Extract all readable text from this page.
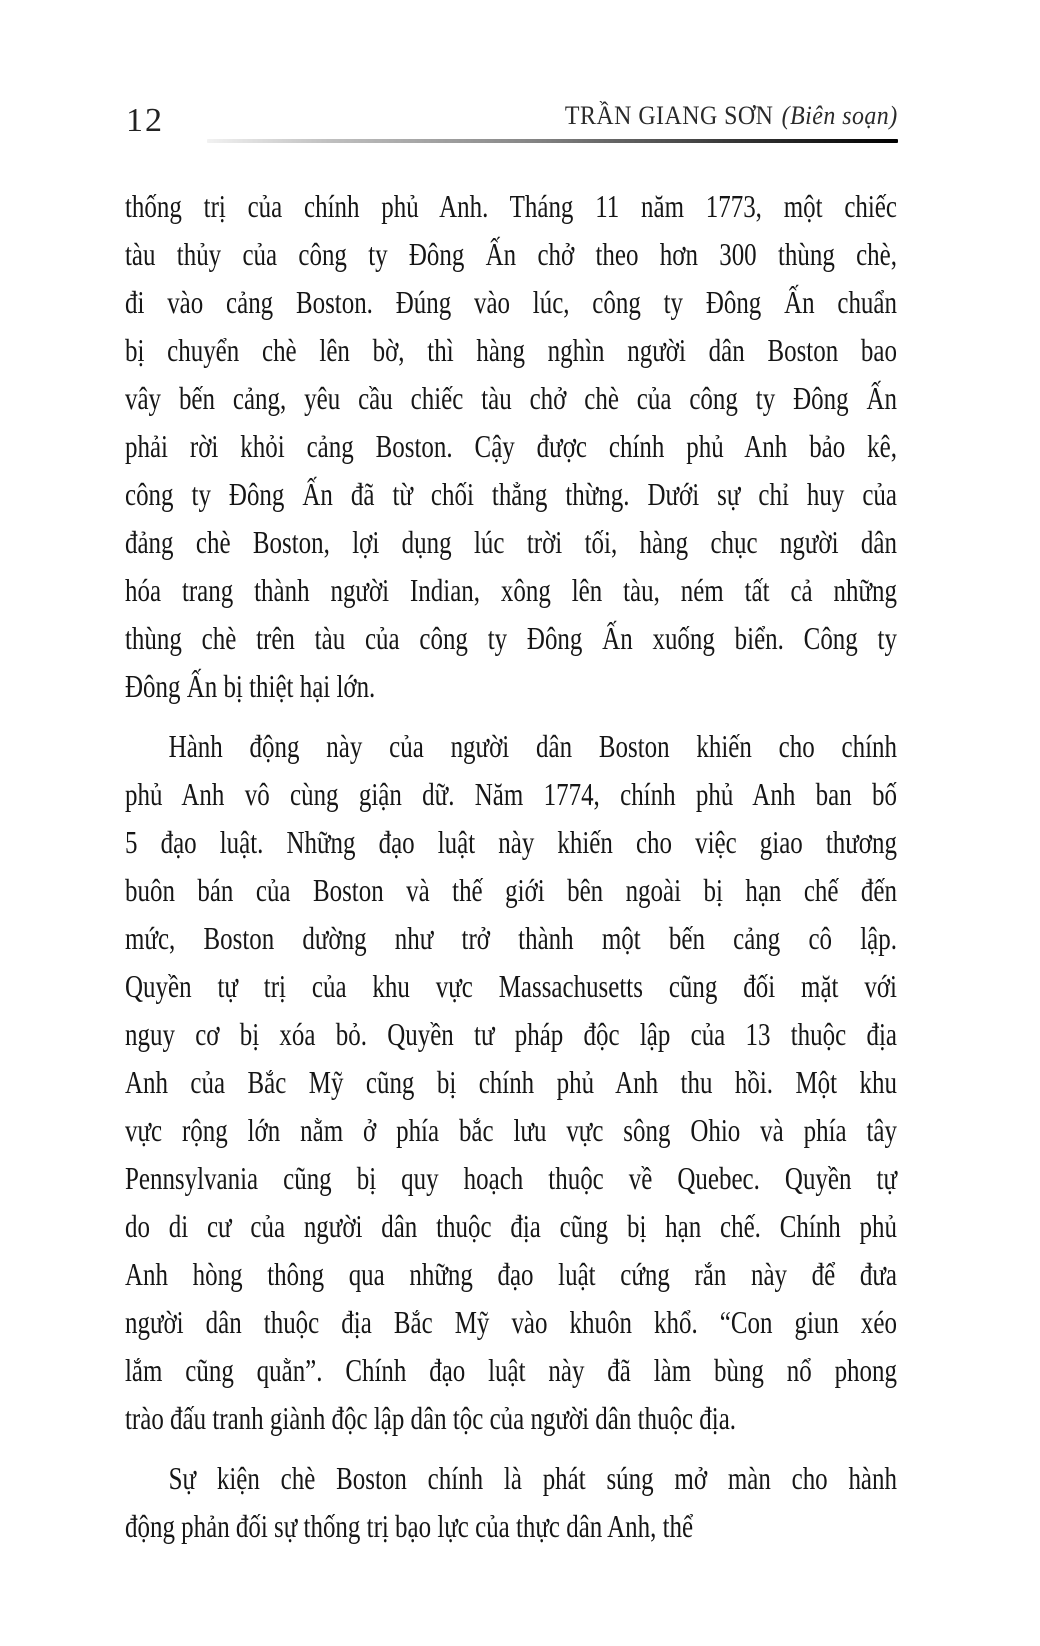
12	TRẦN GIANG SƠN (Biên soạn)
thống trị của chính phủ Anh. Tháng 11 năm 1773, một chiếc
tàu thủy của công ty Đông Ấn chở theo hơn 300 thùng chè,
đi vào cảng Boston. Đúng vào lúc, công ty Đông Ấn chuẩn
bị chuyển chè lên bờ, thì hàng nghìn người dân Boston bao
vây bến cảng, yêu cầu chiếc tàu chở chè của công ty Đông Ấn
phải rời khỏi cảng Boston. Cậy được chính phủ Anh bảo kê,
công ty Đông Ấn đã từ chối thẳng thừng. Dưới sự chỉ huy của
đảng chè Boston, lợi dụng lúc trời tối, hàng chục người dân
hóa trang thành người Indian, xông lên tàu, ném tất cả những
thùng chè trên tàu của công ty Đông Ấn xuống biển. Công ty
Đông Ấn bị thiệt hại lớn.
Hành động này của người dân Boston khiến cho chính
phủ Anh vô cùng giận dữ. Năm 1774, chính phủ Anh ban bố
5 đạo luật. Những đạo luật này khiến cho việc giao thương
buôn bán của Boston và thế giới bên ngoài bị hạn chế đến
mức, Boston dường như trở thành một bến cảng cô lập.
Quyền tự trị của khu vực Massachusetts cũng đối mặt với
nguy cơ bị xóa bỏ. Quyền tư pháp độc lập của 13 thuộc địa
Anh của Bắc Mỹ cũng bị chính phủ Anh thu hồi. Một khu
vực rộng lớn nằm ở phía bắc lưu vực sông Ohio và phía tây
Pennsylvania cũng bị quy hoạch thuộc về Quebec. Quyền tự
do di cư của người dân thuộc địa cũng bị hạn chế. Chính phủ
Anh hòng thông qua những đạo luật cứng rắn này để đưa
người dân thuộc địa Bắc Mỹ vào khuôn khổ. “Con giun xéo
lắm cũng quằn”. Chính đạo luật này đã làm bùng nổ phong
trào đấu tranh giành độc lập dân tộc của người dân thuộc địa.
Sự kiện chè Boston chính là phát súng mở màn cho hành
động phản đối sự thống trị bạo lực của thực dân Anh, thể
